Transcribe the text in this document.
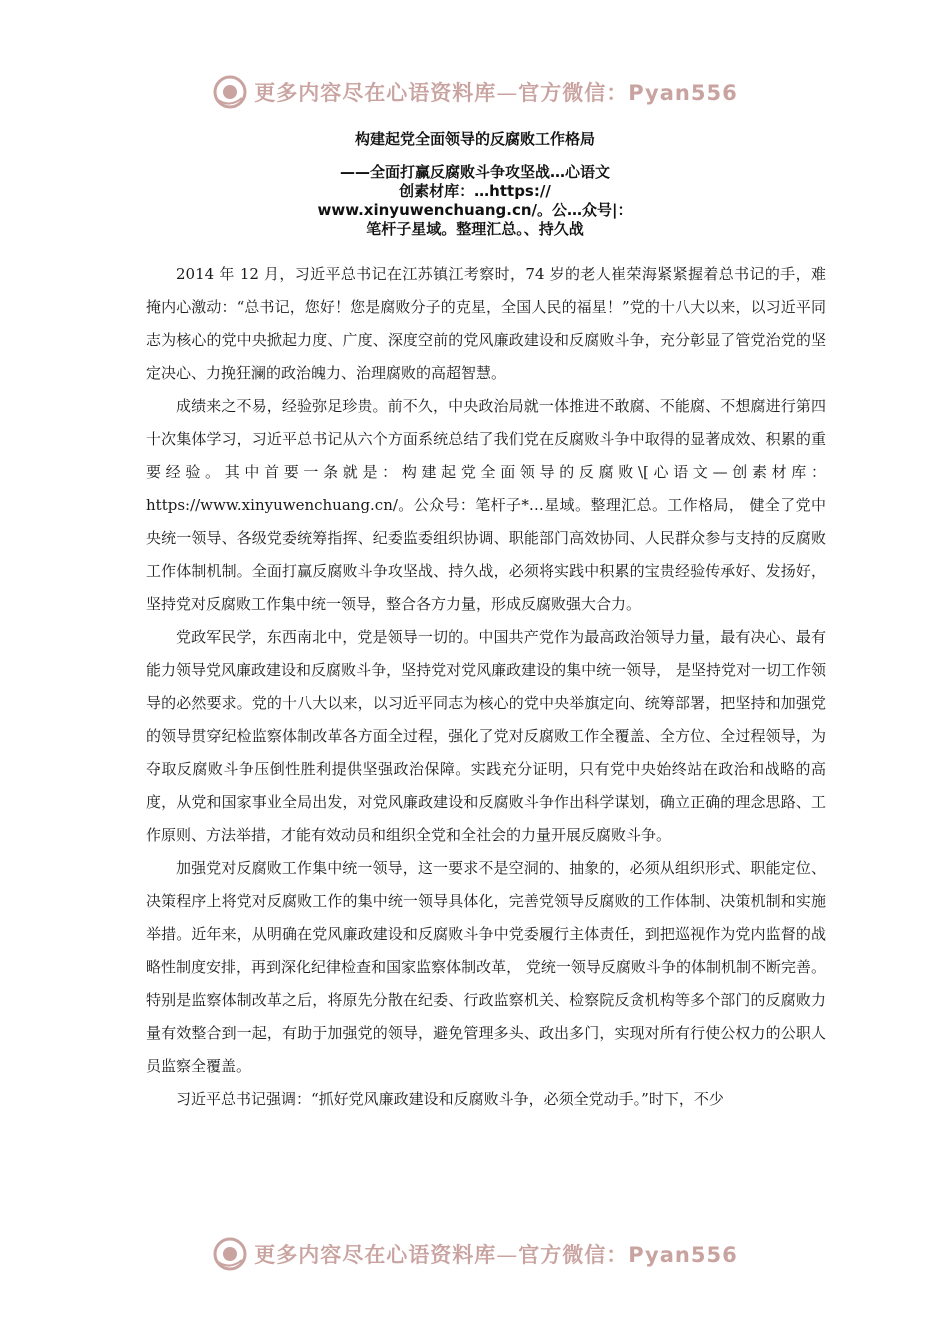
更多内容尽在心语资料库—官方微信：Pyan556
构建起党全面领导的反腐败工作格局
——全面打赢反腐败斗争攻坚战…心语文
创素材库：…https://
www.xinyuwenchuang.cn/。公…众号|：
笔杆子星域。整理汇总。、持久战

2014 年 12 月，习近平总书记在江苏镇江考察时，74 岁的老人崔荣海紧紧握着总书记的手，难掩内心激动：“总书记，您好！您是腐败分子的克星，全国人民的福星！”党的十八大以来，以习近平同志为核心的党中央掀起力度、广度、深度空前的党风廉政建设和反腐败斗争，充分彰显了管党治党的坚定决心、力挽狂澜的政治魄力、治理腐败的高超智慧。

成绩来之不易，经验弥足珍贵。前不久，中央政治局就一体推进不敢腐、不能腐、不想腐进行第四十次集体学习，习近平总书记从六个方面系统总结了我们党在反腐败斗争中取得的显著成效、积累的重要经验。其中首要一条就是：构建起党全面领导的反腐败\[心语文—创素材库：https://www.xinyuwenchuang.cn/。公众号：笔杆子*…星域。整理汇总。工作格局， 健全了党中央统一领导、各级党委统筹指挥、纪委监委组织协调、职能部门高效协同、人民群众参与支持的反腐败工作体制机制。全面打赢反腐败斗争攻坚战、持久战，必须将实践中积累的宝贵经验传承好、发扬好，坚持党对反腐败工作集中统一领导，整合各方力量，形成反腐败强大合力。

党政军民学，东西南北中，党是领导一切的。中国共产党作为最高政治领导力量，最有决心、最有能力领导党风廉政建设和反腐败斗争，坚持党对党风廉政建设的集中统一领导， 是坚持党对一切工作领导的必然要求。党的十八大以来，以习近平同志为核心的党中央举旗定向、统筹部署，把坚持和加强党的领导贯穿纪检监察体制改革各方面全过程，强化了党对反腐败工作全覆盖、全方位、全过程领导，为夺取反腐败斗争压倒性胜利提供坚强政治保障。实践充分证明，只有党中央始终站在政治和战略的高度，从党和国家事业全局出发，对党风廉政建设和反腐败斗争作出科学谋划，确立正确的理念思路、工作原则、方法举措，才能有效动员和组织全党和全社会的力量开展反腐败斗争。

加强党对反腐败工作集中统一领导，这一要求不是空洞的、抽象的，必须从组织形式、职能定位、决策程序上将党对反腐败工作的集中统一领导具体化，完善党领导反腐败的工作体制、决策机制和实施举措。近年来，从明确在党风廉政建设和反腐败斗争中党委履行主体责任，到把巡视作为党内监督的战略性制度安排，再到深化纪律检查和国家监察体制改革， 党统一领导反腐败斗争的体制机制不断完善。特别是监察体制改革之后，将原先分散在纪委、行政监察机关、检察院反贪机构等多个部门的反腐败力量有效整合到一起，有助于加强党的领导，避免管理多头、政出多门，实现对所有行使公权力的公职人员监察全覆盖。

习近平总书记强调：“抓好党风廉政建设和反腐败斗争，必须全党动手。”时下，不少

更多内容尽在心语资料库—官方微信：Pyan556
